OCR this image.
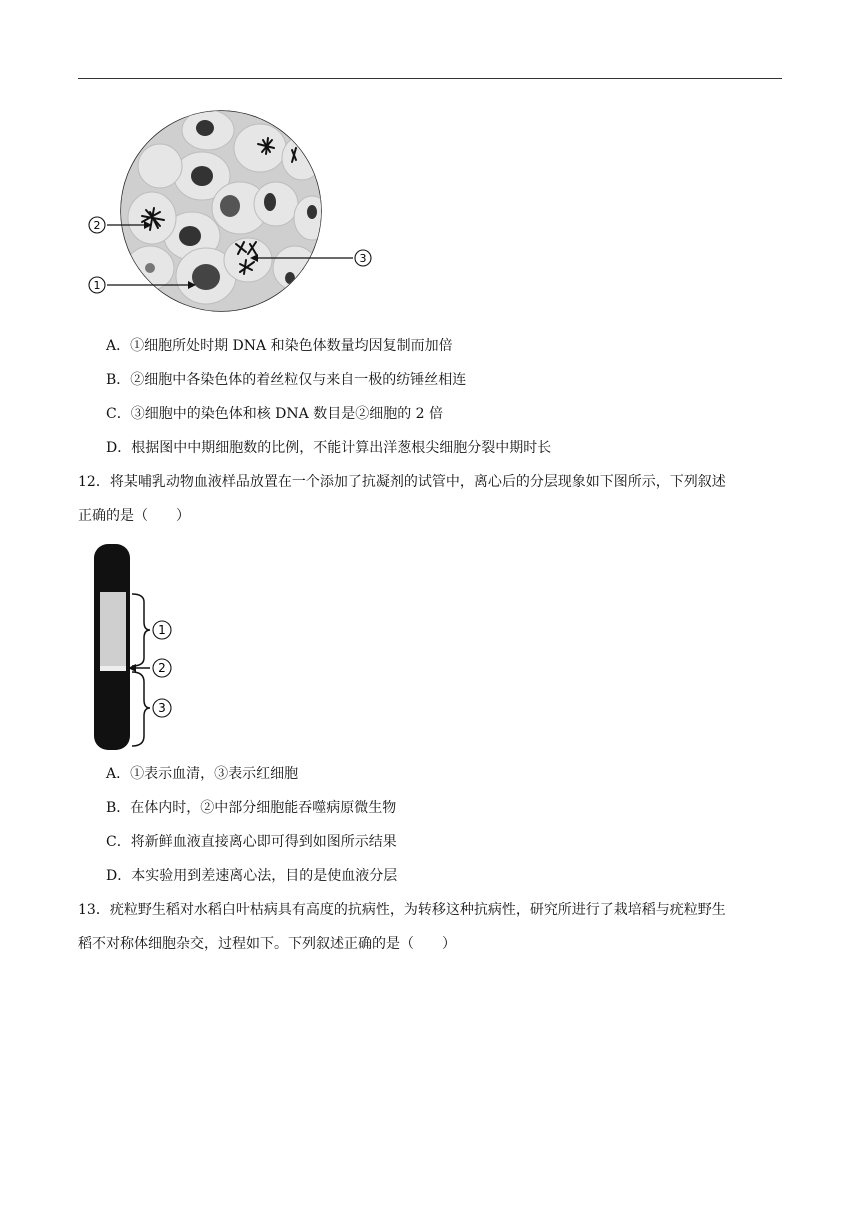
2
3
1
A．①细胞所处时期 DNA 和染色体数量均因复制而加倍
B．②细胞中各染色体的着丝粒仅与来自一极的纺锤丝相连
C．③细胞中的染色体和核 DNA 数目是②细胞的 2 倍
D．根据图中中期细胞数的比例，不能计算出洋葱根尖细胞分裂中期时长
12．将某哺乳动物血液样品放置在一个添加了抗凝剂的试管中，离心后的分层现象如下图所示，下列叙述
正确的是（　　）
1
2
3
A．①表示血清，③表示红细胞
B．在体内时，②中部分细胞能吞噬病原微生物
C．将新鲜血液直接离心即可得到如图所示结果
D．本实验用到差速离心法，目的是使血液分层
13．疣粒野生稻对水稻白叶枯病具有高度的抗病性，为转移这种抗病性，研究所进行了栽培稻与疣粒野生
稻不对称体细胞杂交，过程如下。下列叙述正确的是（　　）
